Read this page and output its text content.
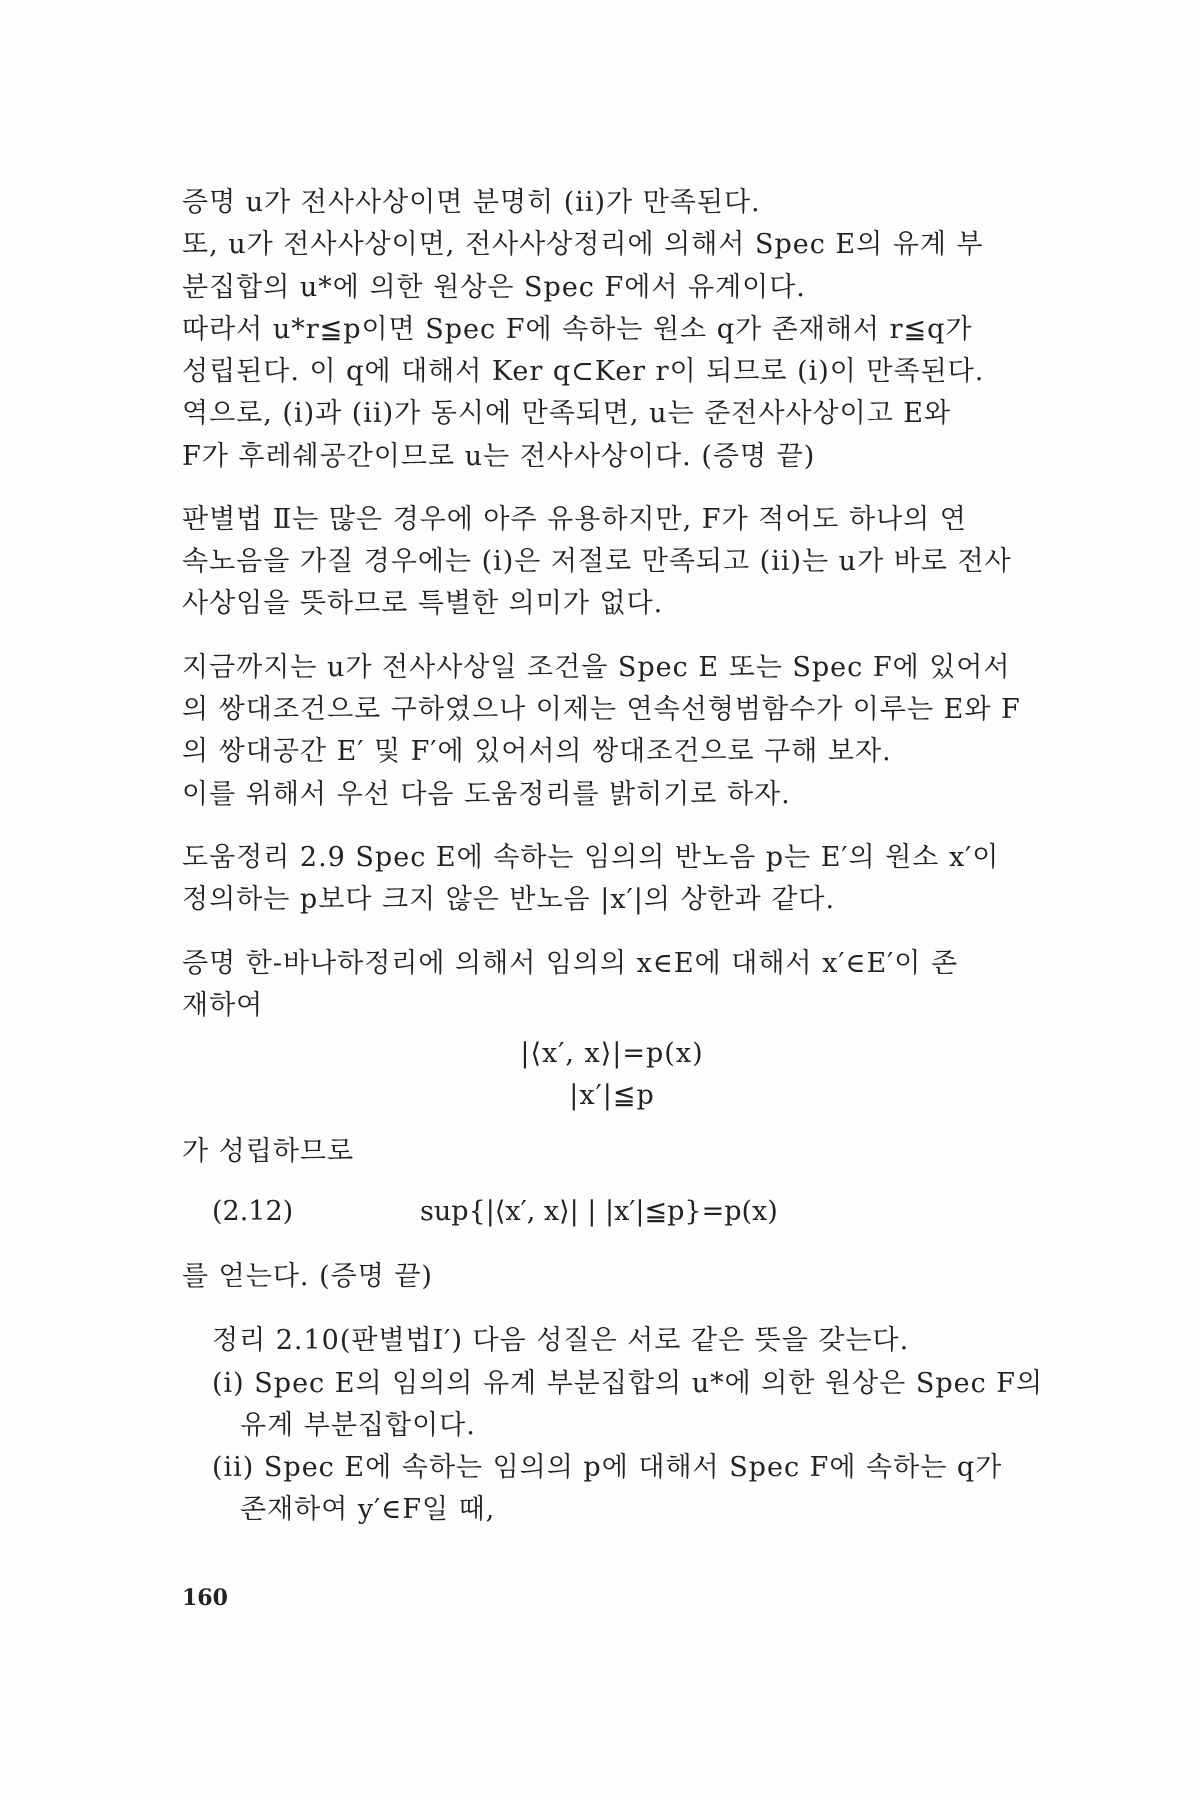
증명 u가 전사사상이면 분명히 (ii)가 만족된다.
또, u가 전사사상이면, 전사사상정리에 의해서 Spec E의 유계 부
분집합의 u*에 의한 원상은 Spec F에서 유계이다.
따라서 u*r≦p이면 Spec F에 속하는 원소 q가 존재해서 r≦q가
성립된다. 이 q에 대해서 Ker q⊂Ker r이 되므로 (i)이 만족된다.
역으로, (i)과 (ii)가 동시에 만족되면, u는 준전사사상이고 E와
F가 후레쉐공간이므로 u는 전사사상이다. (증명 끝)
판별법 Ⅱ는 많은 경우에 아주 유용하지만, F가 적어도 하나의 연
속노음을 가질 경우에는 (i)은 저절로 만족되고 (ii)는 u가 바로 전사
사상임을 뜻하므로 특별한 의미가 없다.
지금까지는 u가 전사사상일 조건을 Spec E 또는 Spec F에 있어서
의 쌍대조건으로 구하였으나 이제는 연속선형범함수가 이루는 E와 F
의 쌍대공간 E′ 및 F′에 있어서의 쌍대조건으로 구해 보자.
이를 위해서 우선 다음 도움정리를 밝히기로 하자.
도움정리 2.9 Spec E에 속하는 임의의 반노음 p는 E′의 원소 x′이
정의하는 p보다 크지 않은 반노음 |x′|의 상한과 같다.
증명 한-바나하정리에 의해서 임의의 x∈E에 대해서 x′∈E′이 존
재하여
|⟨x′, x⟩|=p(x)
|x′|≦p
가 성립하므로
(2.12)	sup{|⟨x′, x⟩| | |x′|≦p}=p(x)
를 얻는다. (증명 끝)
정리 2.10(판별법Ⅰ′) 다음 성질은 서로 같은 뜻을 갖는다.
(i) Spec E의 임의의 유계 부분집합의 u*에 의한 원상은 Spec F의
유계 부분집합이다.
(ii) Spec E에 속하는 임의의 p에 대해서 Spec F에 속하는 q가
존재하여 y′∈F일 때,
160
